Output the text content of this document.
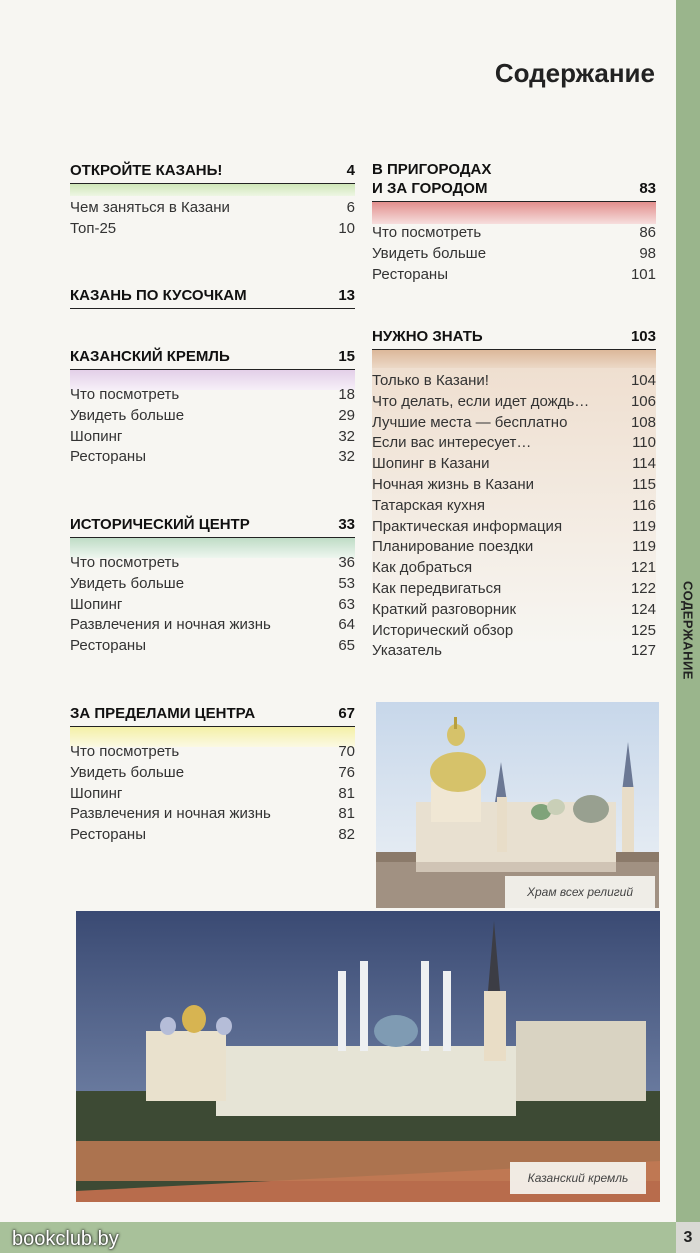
СОДЕРЖАНИЕ
3
bookclub.by
Содержание
ОТКРОЙТЕ КАЗАНЬ!	4
Чем заняться в Казани	6
Топ-25	10
КАЗАНЬ ПО КУСОЧКАМ	13
КАЗАНСКИЙ КРЕМЛЬ	15
Что посмотреть	18
Увидеть больше	29
Шопинг	32
Рестораны	32
ИСТОРИЧЕСКИЙ ЦЕНТР	33
Что посмотреть	36
Увидеть больше	53
Шопинг	63
Развлечения и ночная жизнь	64
Рестораны	65
ЗА ПРЕДЕЛАМИ ЦЕНТРА	67
Что посмотреть	70
Увидеть больше	76
Шопинг	81
Развлечения и ночная жизнь	81
Рестораны	82
В ПРИГОРОДАХ
И ЗА ГОРОДОМ	83
Что посмотреть	86
Увидеть больше	98
Рестораны	101
НУЖНО ЗНАТЬ	103
Только в Казани!	104
Что делать, если идет дождь…	106
Лучшие места — бесплатно	108
Если вас интересует…	110
Шопинг в Казани	114
Ночная жизнь в Казани	115
Татарская кухня	116
Практическая информация	119
Планирование поездки	119
Как добраться	121
Как передвигаться	122
Краткий разговорник	124
Исторический обзор	125
Указатель	127
Храм всех религий
Казанский кремль
